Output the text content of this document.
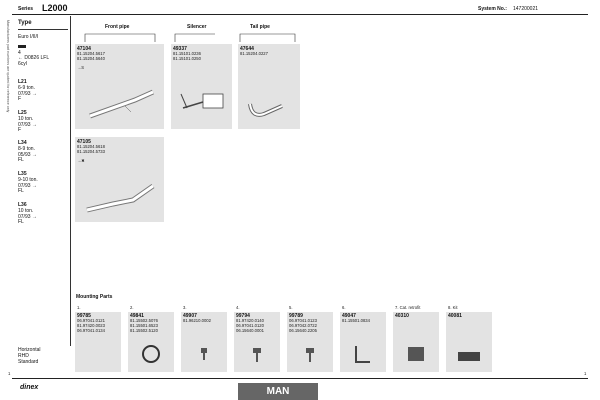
Series L2000	System No.: 147200021
Manufacturers part numbers are quoted for reference only Type
Euro I/II/I
4
← D0826 LFL
6cyl
L21
6-9 ton.
07/93 →
F
L25
10 ton.
07/93 →
F
L34
8-9 ton.
05/93 →
FL
L35
9-10 ton.
07/93 →
FL
L36
10 ton.
07/93 →
FL
Front pipe	Silencer	Tail pipe
47104
81.15204.5617
81.15204.5640
→S
49337
81.15101.0236
81.15101.0250
47644
81.15204.0227
47105
81.15204.5618
81.15204.5733
→✖
Mounting Parts
1.
99785
06.97041.0121
81.97420.0023
06.97041.0134
2.
49841
81.15502.5076
81.15501.6523
81.15502.5120
3.
49907
81.96210.0002
4.
99794
81.97420.0140
06.97041.0120
06.15640.0001
5.
99789
06.97041.0123
06.97042.0722
06.15640.2205
6.
49047
81.15501.0834
7. Cat. retrofit
40310
8. Kit
40081
Horizontal
RHD
Standard
1	1
dinex	MAN
